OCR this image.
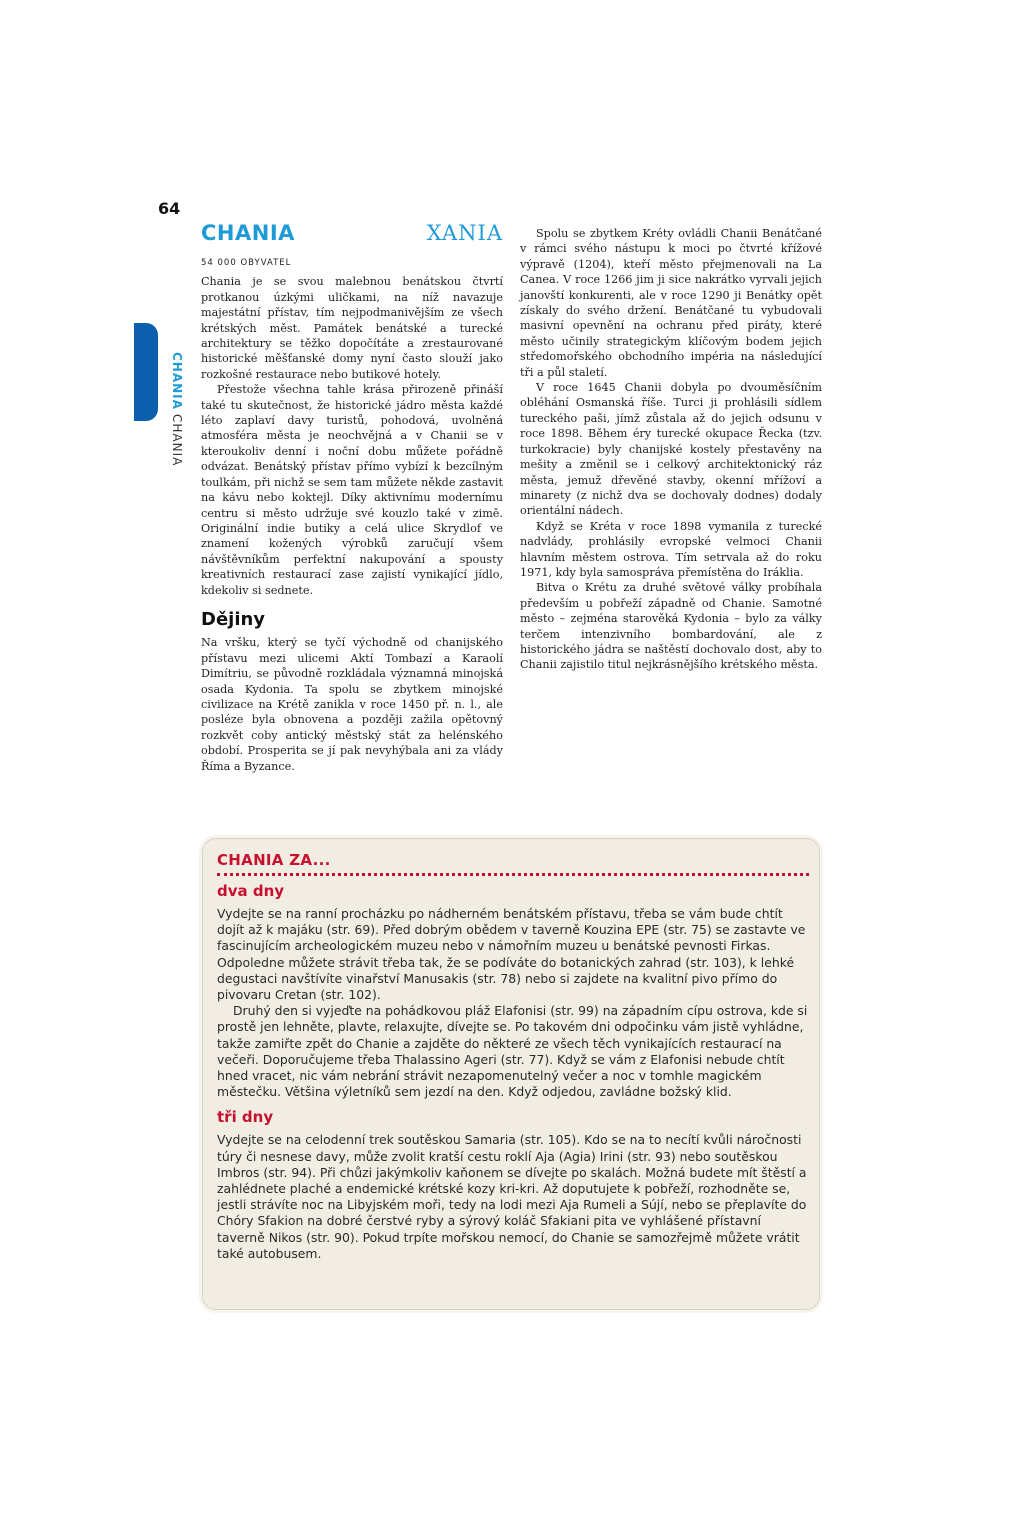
64
CHANIACHANIA
CHANIA	XANIA
54 000 OBYVATEL

Chania je se svou malebnou benátskou čtvrtí protkanou úzkými uličkami, na níž navazuje majestátní přístav, tím nejpodmanivějším ze všech krétských měst. Památek benátské a turecké architektury se těžko dopočítáte a zrestaurované historické měšťanské domy nyní často slouží jako rozkošné restaurace nebo butikové hotely.

Přestože všechna tahle krása přirozeně přináší také tu skutečnost, že historické jádro města každé léto zaplaví davy turistů, pohodová, uvolněná atmosféra města je neochvějná a v Chanii se v kteroukoliv denní i noční dobu můžete pořádně odvázat. Benátský přístav přímo vybízí k bezcílným toulkám, při nichž se sem tam můžete někde zastavit na kávu nebo koktejl. Díky aktivnímu modernímu centru si město udržuje své kouzlo také v zimě. Originální indie butiky a celá ulice Skrydlof ve znamení kožených výrobků zaručují všem návštěvníkům perfektní nakupování a spousty kreativních restaurací zase zajistí vynikající jídlo, kdekoliv si sednete.

Dějiny

Na vršku, který se tyčí východně od chanijského přístavu mezi ulicemi Aktí Tombazí a Karaolí Dimítriu, se původně rozkládala významná minojská osada Kydonia. Ta spolu se zbytkem minojské civilizace na Krétě zanikla v roce 1450 př. n. l., ale posléze byla obnovena a později zažila opětovný rozkvět coby antický městský stát za helénského období. Prosperita se jí pak nevyhýbala ani za vlády Říma a Byzance.

Spolu se zbytkem Kréty ovládli Chanii Benátčané v rámci svého nástupu k moci po čtvrté křížové výpravě (1204), kteří město přejmenovali na La Canea. V roce 1266 jim ji sice nakrátko vyrvali jejich janovští konkurenti, ale v roce 1290 ji Benátky opět získaly do svého držení. Benátčané tu vybudovali masivní opevnění na ochranu před piráty, které město učinily strategickým klíčovým bodem jejich středomořského obchodního impéria na následující tři a půl staletí.

V roce 1645 Chanii dobyla po dvouměsíčním obléhání Osmanská říše. Turci ji prohlásili sídlem tureckého paši, jímž zůstala až do jejich odsunu v roce 1898. Během éry turecké okupace Řecka (tzv. turkokracie) byly chanijské kostely přestavěny na mešity a změnil se i celkový architektonický ráz města, jemuž dřevěné stavby, okenní mřížoví a minarety (z nichž dva se dochovaly dodnes) dodaly orientální nádech.

Když se Kréta v roce 1898 vymanila z turecké nadvlády, prohlásily evropské velmoci Chanii hlavním městem ostrova. Tím setrvala až do roku 1971, kdy byla samospráva přemístěna do Iráklia.

Bitva o Krétu za druhé světové války probíhala především u pobřeží západně od Chanie. Samotné město – zejména starověká Kydonia – bylo za války terčem intenzivního bombardování, ale z historického jádra se naštěstí dochovalo dost, aby to Chanii zajistilo titul nejkrásnějšího krétského města.

CHANIA ZA...
dva dny

Vydejte se na ranní procházku po nádherném benátském přístavu, třeba se vám bude chtít dojít až k majáku (str. 69). Před dobrým obědem v taverně Kouzina EPE (str. 75) se zastavte ve fascinujícím archeologickém muzeu nebo v námořním muzeu u benátské pevnosti Firkas. Odpoledne můžete strávit třeba tak, že se podíváte do botanických zahrad (str. 103), k lehké degustaci navštívíte vinařství Manusakis (str. 78) nebo si zajdete na kvalitní pivo přímo do pivovaru Cretan (str. 102).

Druhý den si vyjeďte na pohádkovou pláž Elafonisi (str. 99) na západním cípu ostrova, kde si prostě jen lehněte, plavte, relaxujte, dívejte se. Po takovém dni odpočinku vám jistě vyhládne, takže zamiřte zpět do Chanie a zajděte do některé ze všech těch vynikajících restaurací na večeři. Doporučujeme třeba Thalassino Ageri (str. 77). Když se vám z Elafonisi nebude chtít hned vracet, nic vám nebrání strávit nezapomenutelný večer a noc v tomhle magickém městečku. Většina výletníků sem jezdí na den. Když odjedou, zavládne božský klid.

tři dny

Vydejte se na celodenní trek soutěskou Samaria (str. 105). Kdo se na to necítí kvůli náročnosti túry či nesnese davy, může zvolit kratší cestu roklí Aja (Agia) Irini (str. 93) nebo soutěskou Imbros (str. 94). Při chůzi jakýmkoliv kaňonem se dívejte po skalách. Možná budete mít štěstí a zahlédnete plaché a endemické krétské kozy kri-kri. Až doputujete k pobřeží, rozhodněte se, jestli strávíte noc na Libyjském moři, tedy na lodi mezi Aja Rumeli a Sújí, nebo se přeplavíte do Chóry Sfakion na dobré čerstvé ryby a sýrový koláč Sfakiani pita ve vyhlášené přístavní taverně Nikos (str. 90). Pokud trpíte mořskou nemocí, do Chanie se samozřejmě můžete vrátit také autobusem.
